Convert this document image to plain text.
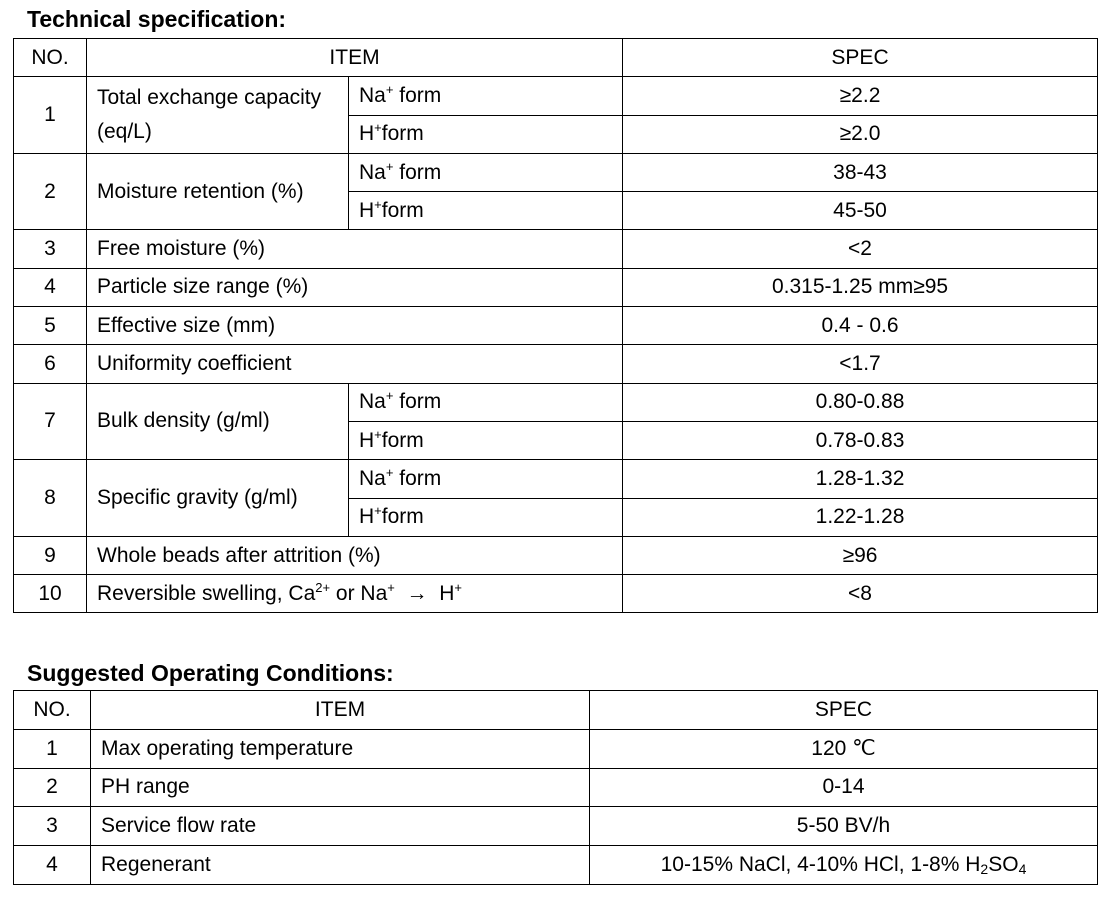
Technical specification:
NO.	ITEM		SPEC
1	Total exchange capacity (eq/L)	Na+ form	≥2.2
		H+form	≥2.0
2	Moisture retention (%)	Na+ form	38-43
		H+form	45-50
3	Free moisture (%)		<2
4	Particle size range (%)		0.315-1.25 mm≥95
5	Effective size (mm)		0.4 - 0.6
6	Uniformity coefficient		<1.7
7	Bulk density (g/ml)	Na+ form	0.80-0.88
		H+form	0.78-0.83
8	Specific gravity (g/ml)	Na+ form	1.28-1.32
		H+form	1.22-1.28
9	Whole beads after attrition (%)		≥96
10	Reversible swelling, $Ca^{2+}$ or Na+  →  H+		<8
Suggested Operating Conditions:
NO.	ITEM	SPEC
1	Max operating temperature	120 ℃
2	PH range	0-14
3	Service flow rate	5-50 BV/h
4	Regenerant	10-15% NaCl, 4-10% HCl, 1-8% $H_2SO_4$
